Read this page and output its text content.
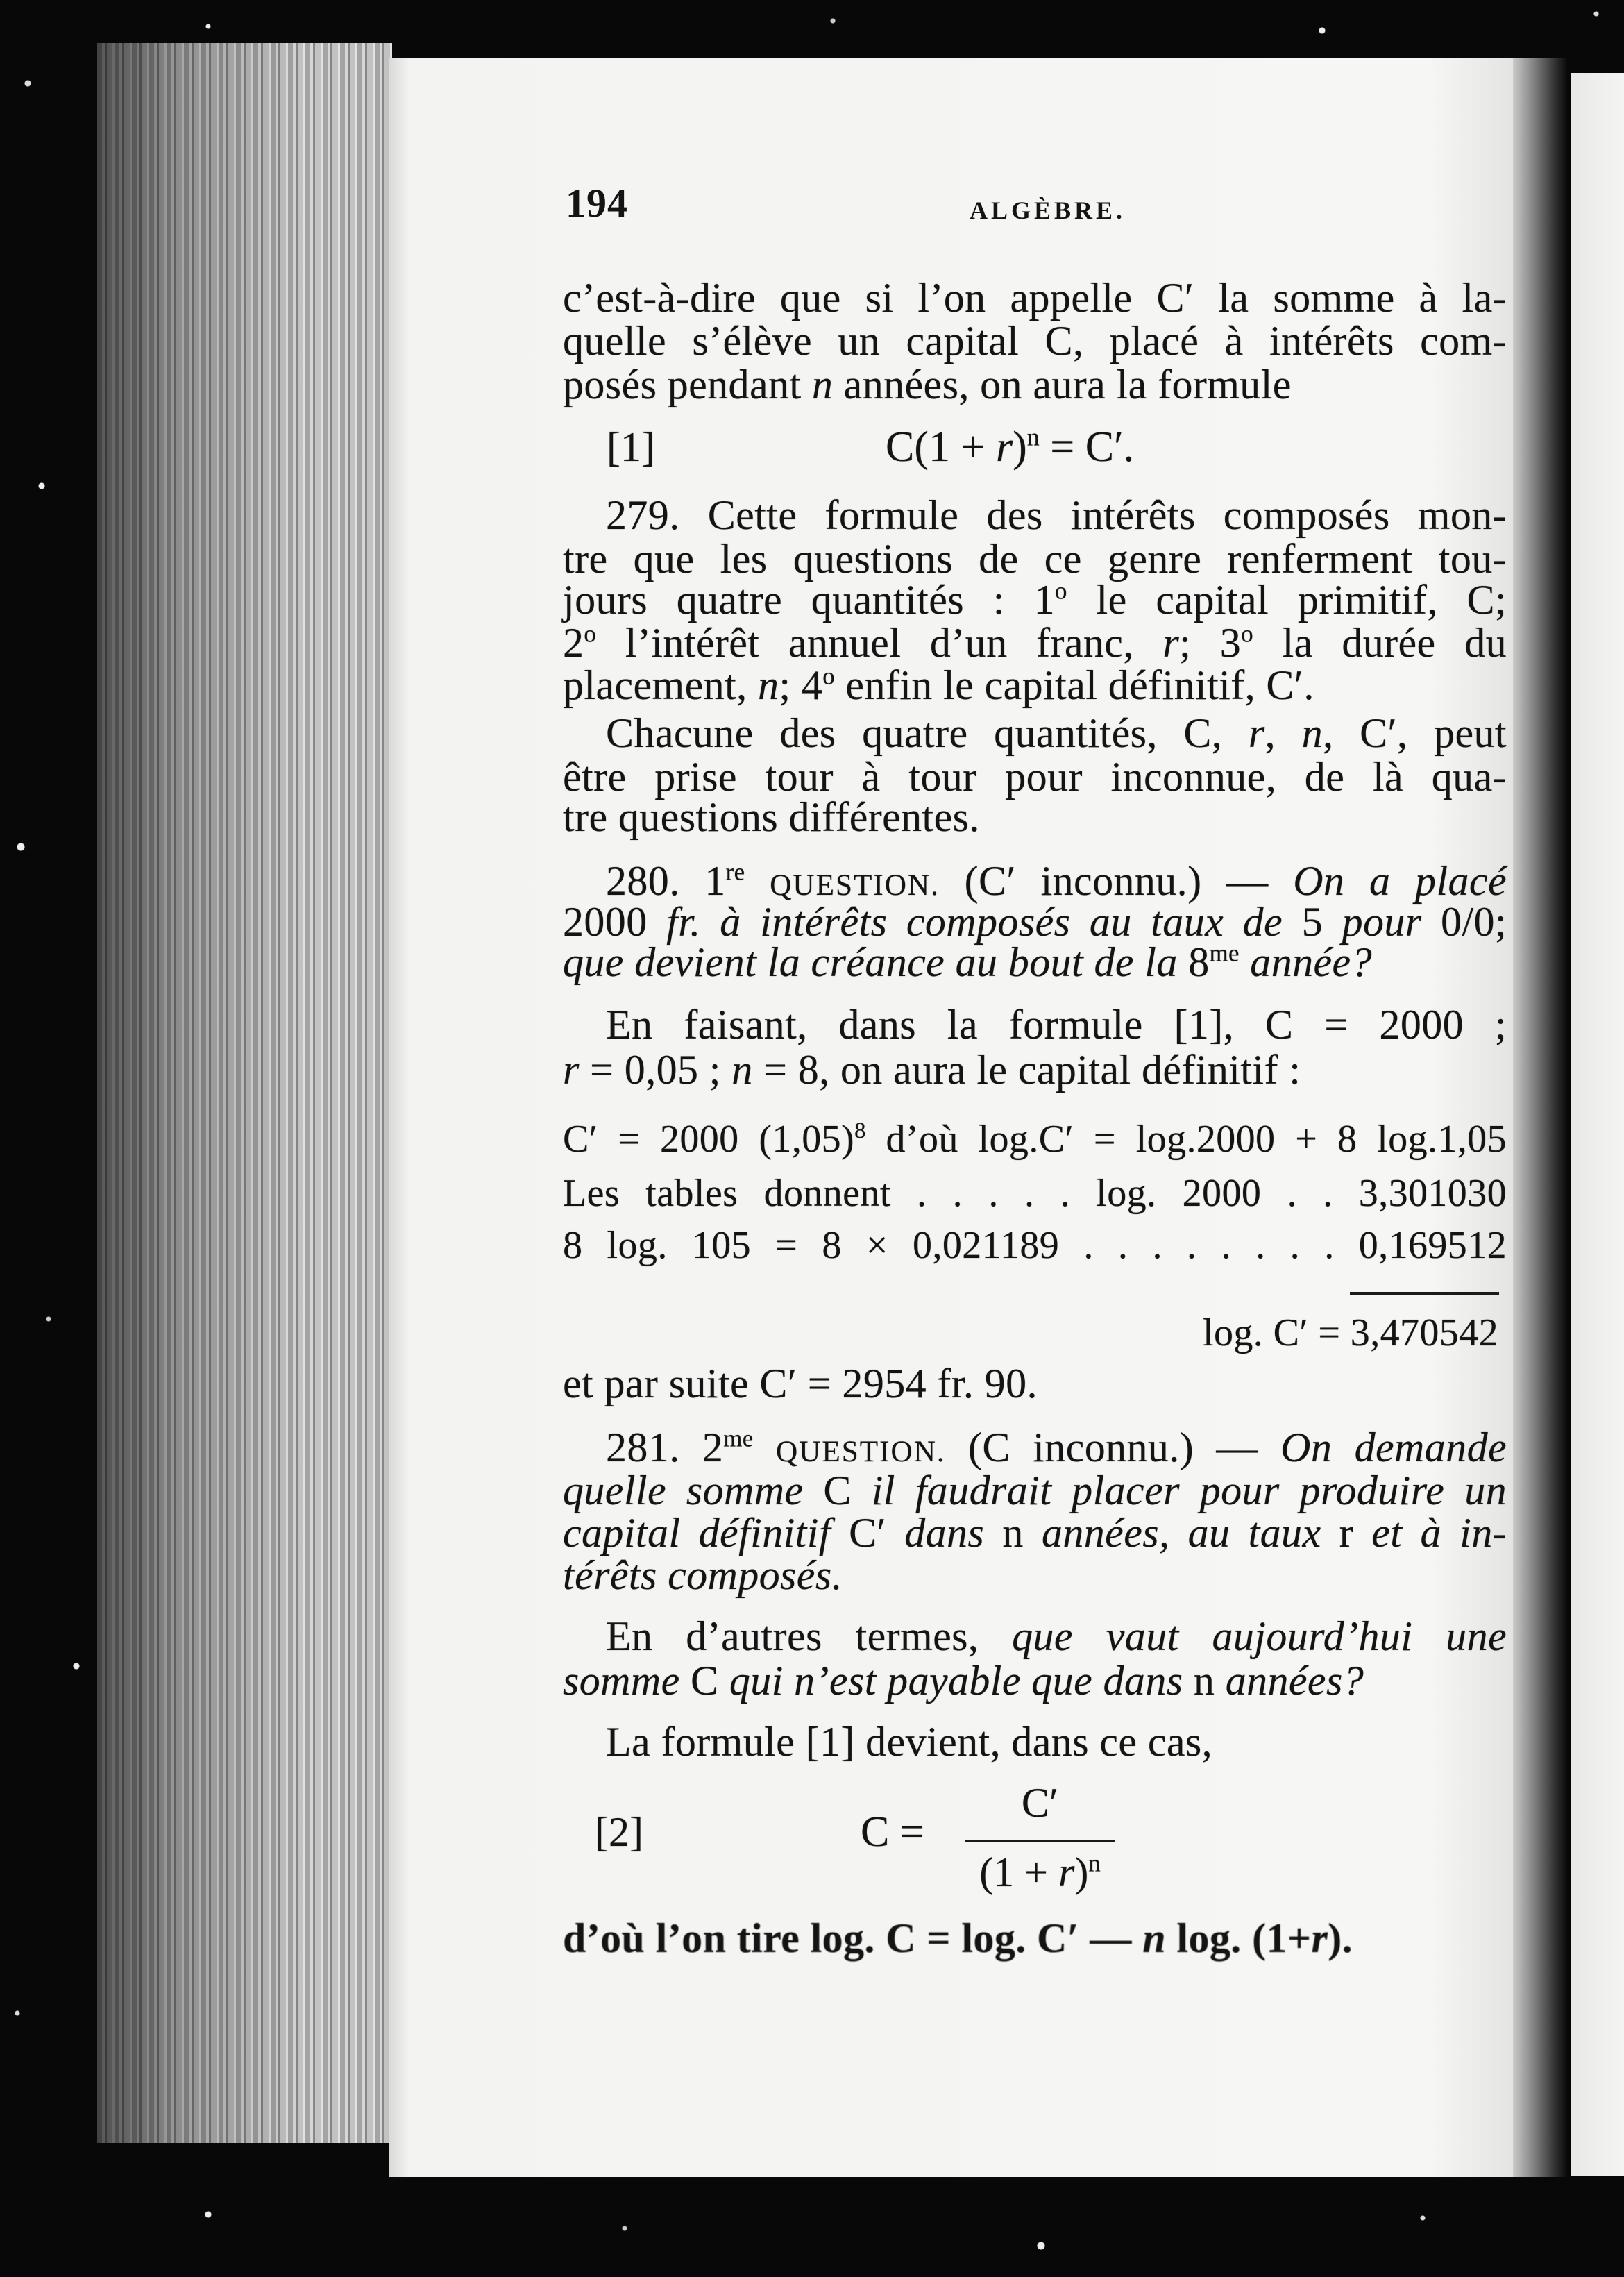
194	ALGÈBRE.
c’est-à-dire que si l’on appelle C′ la somme à la-
quelle s’élève un capital C, placé à intérêts com-
posés pendant n années, on aura la formule
[1]	$C(1 + r)^n = C'$.
279. Cette formule des intérêts composés mon-
tre que les questions de ce genre renferment tou-
jours quatre quantités : 1$^o$ le capital primitif, C;
2$^o$ l’intérêt annuel d’un franc, r; 3$^o$ la durée du
placement, n; 4$^o$ enfin le capital définitif, C′.
Chacune des quatre quantités, C, r, n, C′, peut
être prise tour à tour pour inconnue, de là qua-
tre questions différentes.
280. 1re QUESTION. (C′ inconnu.) — On a placé
2000 fr. à intérêts composés au taux de 5 pour 0/0;
que devient la créance au bout de la $8^{me}$ année?
En faisant, dans la formule [1], C = 2000 ;
r = 0,05 ; n = 8, on aura le capital définitif :
C′ = 2000 $(1,05)^8$ d’où log.C′ = log.2000 + 8 log.1,05
Les tables donnent . . . . . log. 2000 . . 3,301030
8 log. 105 = 8 × 0,021189 . . . . . . . . 0,169512
log. C′ = 3,470542
et par suite C′ = 2954 fr. 90.
281. $2^{me}$ QUESTION. (C inconnu.) — On demande
quelle somme C il faudrait placer pour produire un
capital définitif C′ dans n années, au taux r et à in-
térêts composés.
En d’autres termes, que vaut aujourd’hui une
somme C qui n’est payable que dans n années?
La formule [1] devient, dans ce cas,
[2]	C =
C′
$(1 + r)^n$
d’où l’on tire log. C = log. C′ — n log. (1+r).
